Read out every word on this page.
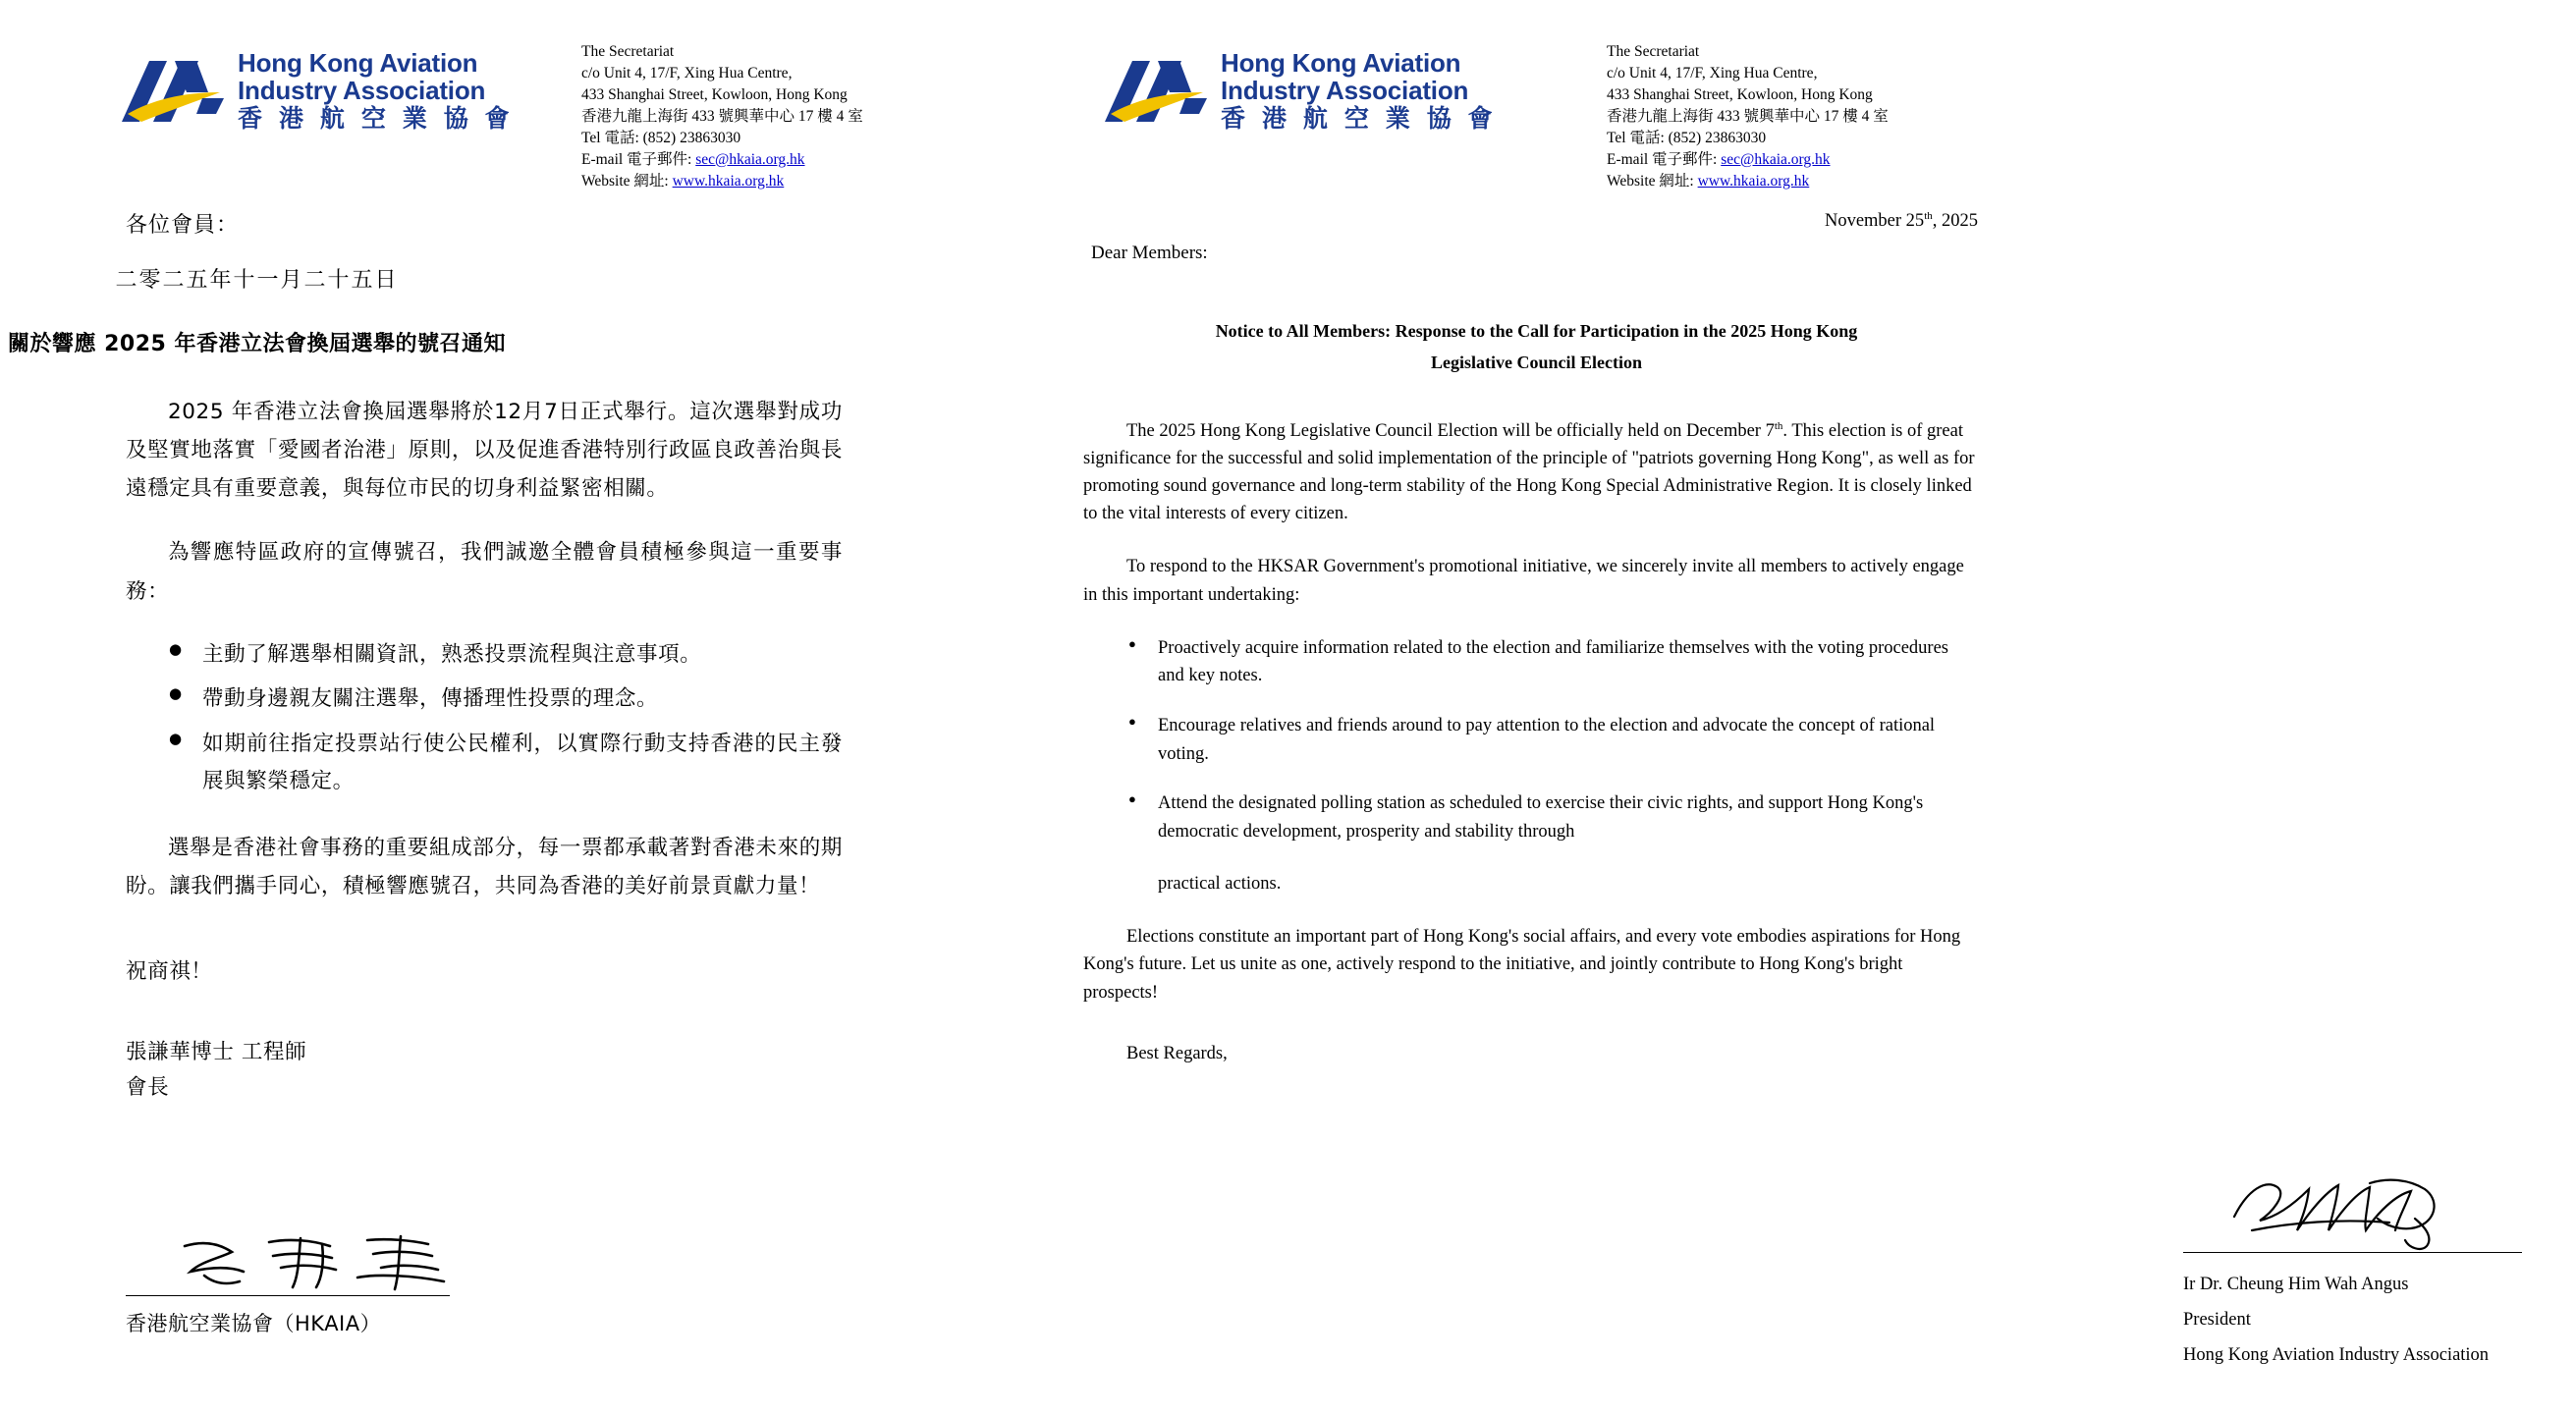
Hong Kong Aviation
Industry Association
香 港 航 空 業 協 會
The Secretariat
c/o Unit 4, 17/F, Xing Hua Centre,
433 Shanghai Street, Kowloon, Hong Kong
香港九龍上海街 433 號興華中心 17 樓 4 室
Tel 電話: (852) 23863030
E-mail 電子郵件: sec@hkaia.org.hk
Website 網址: www.hkaia.org.hk
各位會員：
二零二五年十一月二十五日
關於響應 2025 年香港立法會換屆選舉的號召通知

2025 年香港立法會換屆選舉將於12月7日正式舉行。這次選舉對成功及堅實地落實「愛國者治港」原則，以及促進香港特別行政區良政善治與長遠穩定具有重要意義，與每位市民的切身利益緊密相關。

為響應特區政府的宣傳號召，我們誠邀全體會員積極參與這一重要事務：

● 主動了解選舉相關資訊，熟悉投票流程與注意事項。
● 帶動身邊親友關注選舉，傳播理性投票的理念。
● 如期前往指定投票站行使公民權利，以實際行動支持香港的民主發展與繁榮穩定。

選舉是香港社會事務的重要組成部分，每一票都承載著對香港未來的期盼。讓我們攜手同心，積極響應號召，共同為香港的美好前景貢獻力量！

祝商祺！
張謙華博士 工程師
會長
香港航空業協會（HKAIA）
Hong Kong Aviation
Industry Association
香 港 航 空 業 協 會
The Secretariat
c/o Unit 4, 17/F, Xing Hua Centre,
433 Shanghai Street, Kowloon, Hong Kong
香港九龍上海街 433 號興華中心 17 樓 4 室
Tel 電話: (852) 23863030
E-mail 電子郵件: sec@hkaia.org.hk
Website 網址: www.hkaia.org.hk
November 25th, 2025
Dear Members:
Notice to All Members: Response to the Call for Participation in the 2025 Hong Kong
Legislative Council Election

The 2025 Hong Kong Legislative Council Election will be officially held on December 7th. This election is of great significance for the successful and solid implementation of the principle of "patriots governing Hong Kong", as well as for promoting sound governance and long-term stability of the Hong Kong Special Administrative Region. It is closely linked to the vital interests of every citizen.

To respond to the HKSAR Government's promotional initiative, we sincerely invite all members to actively engage in this important undertaking:

● Proactively acquire information related to the election and familiarize themselves with the voting procedures and key notes.
● Encourage relatives and friends around to pay attention to the election and advocate the concept of rational voting.
● Attend the designated polling station as scheduled to exercise their civic rights, and support Hong Kong's democratic development, prosperity and stability through
practical actions.

Elections constitute an important part of Hong Kong's social affairs, and every vote embodies aspirations for Hong Kong's future. Let us unite as one, actively respond to the initiative, and jointly contribute to Hong Kong's bright prospects!

Best Regards,

Ir Dr. Cheung Him Wah Angus
President
Hong Kong Aviation Industry Association
